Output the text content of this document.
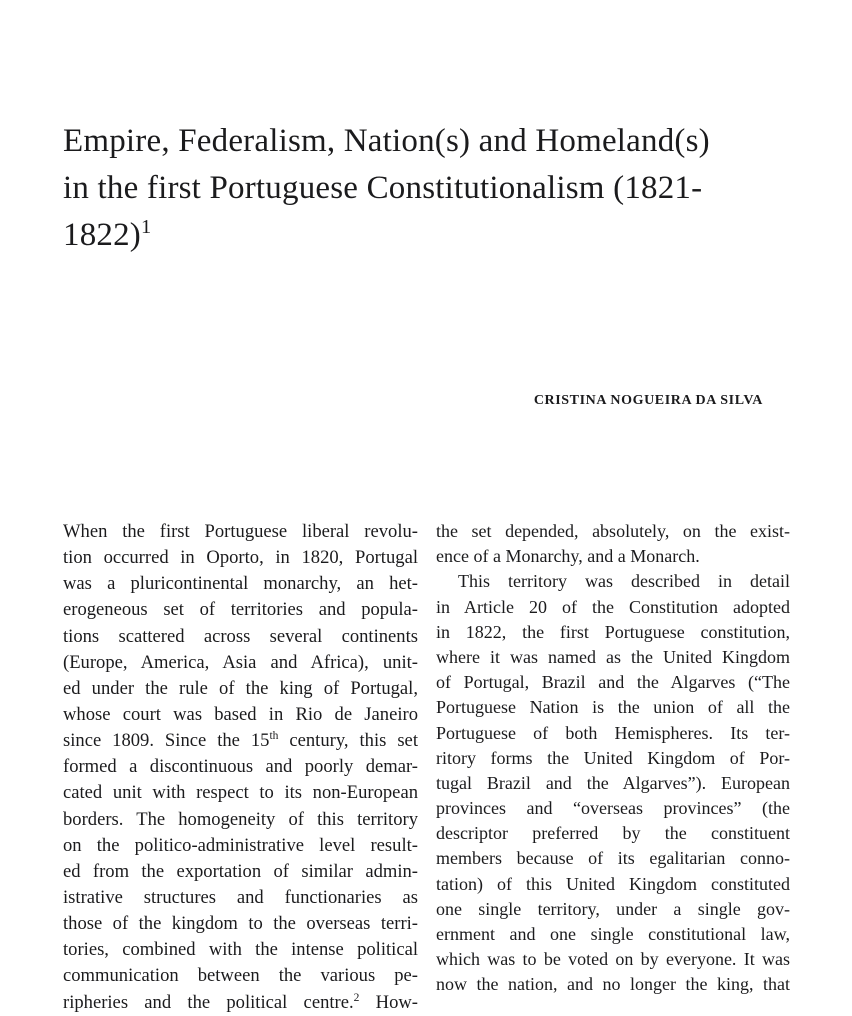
Empire, Federalism, Nation(s) and Homeland(s)
in the first Portuguese Constitutionalism (1821-
1822)$^1$
CRISTINA NOGUEIRA DA SILVA
When the first Portuguese liberal revolu-
tion occurred in Oporto, in 1820, Portugal
was a pluricontinental monarchy, an het-
erogeneous set of territories and popula-
tions scattered across several continents
(Europe, America, Asia and Africa), unit-
ed under the rule of the king of Portugal,
whose court was based in Rio de Janeiro
since 1809. Since the 15th century, this set
formed a discontinuous and poorly demar-
cated unit with respect to its non-European
borders. The homogeneity of this territory
on the politico-administrative level result-
ed from the exportation of similar admin-
istrative structures and functionaries as
those of the kingdom to the overseas terri-
tories, combined with the intense political
communication between the various pe-
ripheries and the political centre.$^2$ How-
the set depended, absolutely, on the exist-
ence of a Monarchy, and a Monarch.
This territory was described in detail
in Article 20 of the Constitution adopted
in 1822, the first Portuguese constitution,
where it was named as the United Kingdom
of Portugal, Brazil and the Algarves (“The
Portuguese Nation is the union of all the
Portuguese of both Hemispheres. Its ter-
ritory forms the United Kingdom of Por-
tugal Brazil and the Algarves”). European
provinces and “overseas provinces” (the
descriptor preferred by the constituent
members because of its egalitarian conno-
tation) of this United Kingdom constituted
one single territory, under a single gov-
ernment and one single constitutional law,
which was to be voted on by everyone. It was
now the nation, and no longer the king, that
